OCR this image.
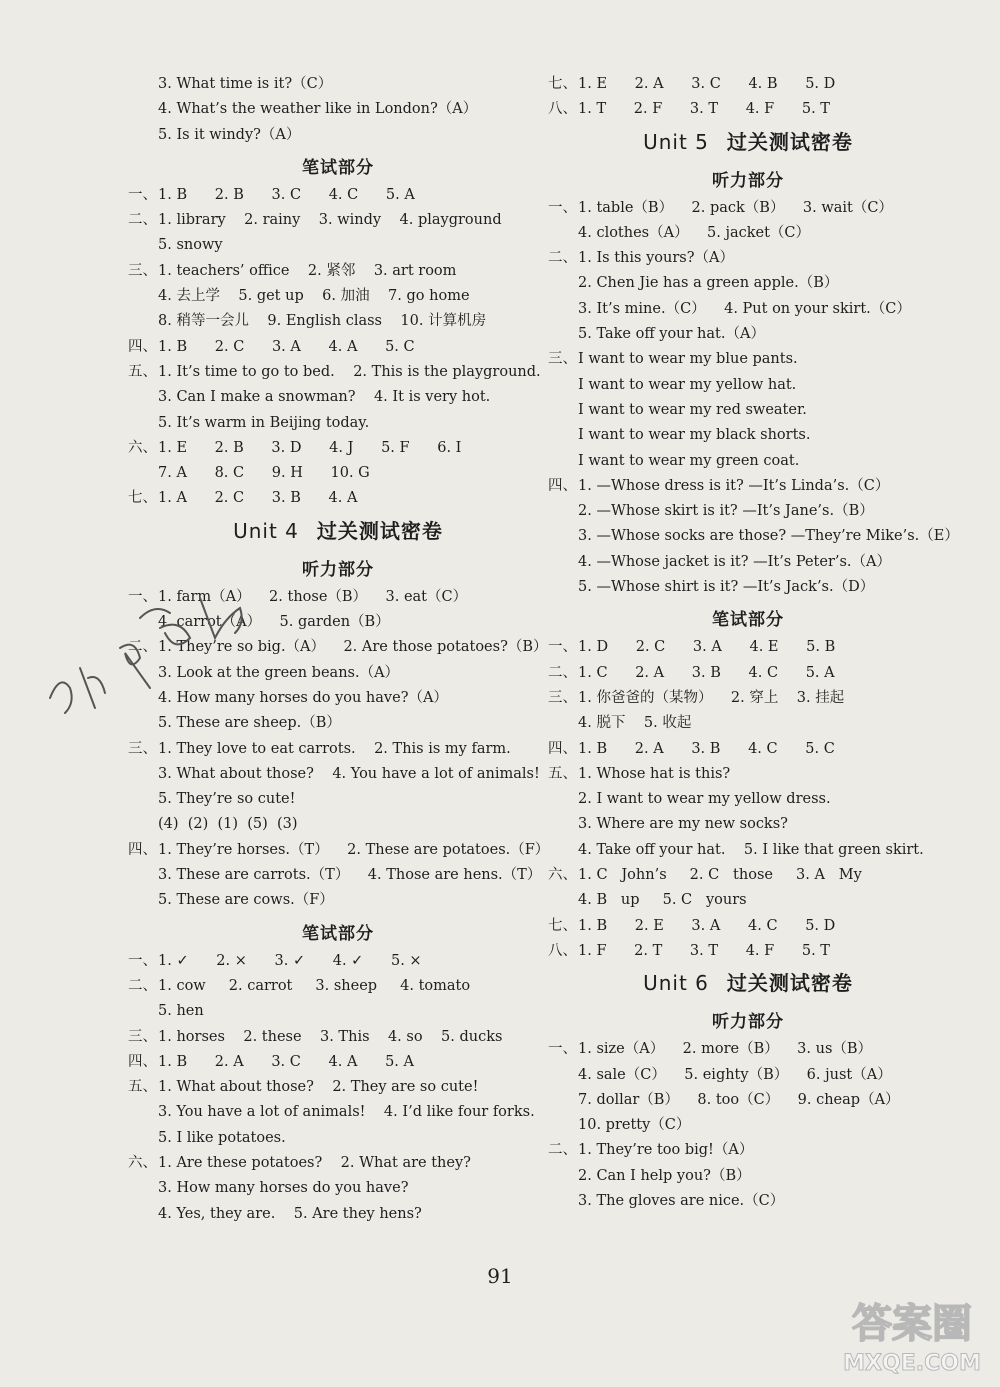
3. What time is it?（C）
4. What’s the weather like in London?（A）
5. Is it windy?（A）
笔试部分
一、 1. B      2. B      3. C      4. C      5. A
二、 1. library    2. rainy    3. windy    4. playground
5. snowy
三、 1. teachers’ office    2. 紧邻    3. art room
4. 去上学    5. get up    6. 加油    7. go home
8. 稍等一会儿    9. English class    10. 计算机房
四、 1. B      2. C      3. A      4. A      5. C
五、 1. It’s time to go to bed.    2. This is the playground.
3. Can I make a snowman?    4. It is very hot.
5. It’s warm in Beijing today.
六、 1. E      2. B      3. D      4. J      5. F      6. I
7. A      8. C      9. H      10. G
七、 1. A      2. C      3. B      4. A
Unit 4 过关测试密卷
听力部分
一、 1. farm（A）    2. those（B）    3. eat（C）
4. carrot（A）    5. garden（B）
二、 1. They’re so big.（A）    2. Are those potatoes?（B）
3. Look at the green beans.（A）
4. How many horses do you have?（A）
5. These are sheep.（B）
三、 1. They love to eat carrots.    2. This is my farm.
3. What about those?    4. You have a lot of animals!
5. They’re so cute!
(4)  (2)  (1)  (5)  (3)
四、 1. They’re horses.（T）    2. These are potatoes.（F）
3. These are carrots.（T）    4. Those are hens.（T）
5. These are cows.（F）
笔试部分
一、 1. ✓      2. ×      3. ✓      4. ✓      5. ×
二、 1. cow     2. carrot     3. sheep     4. tomato
5. hen
三、 1. horses    2. these    3. This    4. so    5. ducks
四、 1. B      2. A      3. C      4. A      5. A
五、 1. What about those?    2. They are so cute!
3. You have a lot of animals!    4. I’d like four forks.
5. I like potatoes.
六、 1. Are these potatoes?    2. What are they?
3. How many horses do you have?
4. Yes, they are.    5. Are they hens?
七、 1. E      2. A      3. C      4. B      5. D
八、 1. T      2. F      3. T      4. F      5. T
Unit 5 过关测试密卷
听力部分
一、 1. table（B）    2. pack（B）    3. wait（C）
4. clothes（A）    5. jacket（C）
二、 1. Is this yours?（A）
2. Chen Jie has a green apple.（B）
3. It’s mine.（C）    4. Put on your skirt.（C）
5. Take off your hat.（A）
三、 I want to wear my blue pants.
I want to wear my yellow hat.
I want to wear my red sweater.
I want to wear my black shorts.
I want to wear my green coat.
四、 1. —Whose dress is it? —It’s Linda’s.（C）
2. —Whose skirt is it? —It’s Jane’s.（B）
3. —Whose socks are those? —They’re Mike’s.（E）
4. —Whose jacket is it? —It’s Peter’s.（A）
5. —Whose shirt is it? —It’s Jack’s.（D）
笔试部分
一、 1. D      2. C      3. A      4. E      5. B
二、 1. C      2. A      3. B      4. C      5. A
三、 1. 你爸爸的（某物）    2. 穿上    3. 挂起
4. 脱下    5. 收起
四、 1. B      2. A      3. B      4. C      5. C
五、 1. Whose hat is this?
2. I want to wear my yellow dress.
3. Where are my new socks?
4. Take off your hat.    5. I like that green skirt.
六、 1. C   John’s     2. C   those     3. A   My
4. B   up     5. C   yours
七、 1. B      2. E      3. A      4. C      5. D
八、 1. F      2. T      3. T      4. F      5. T
Unit 6 过关测试密卷
听力部分
一、 1. size（A）    2. more（B）    3. us（B）
4. sale（C）    5. eighty（B）    6. just（A）
7. dollar（B）    8. too（C）    9. cheap（A）
10. pretty（C）
二、 1. They’re too big!（A）
2. Can I help you?（B）
3. The gloves are nice.（C）
91
答案圈
MXQE.COM
